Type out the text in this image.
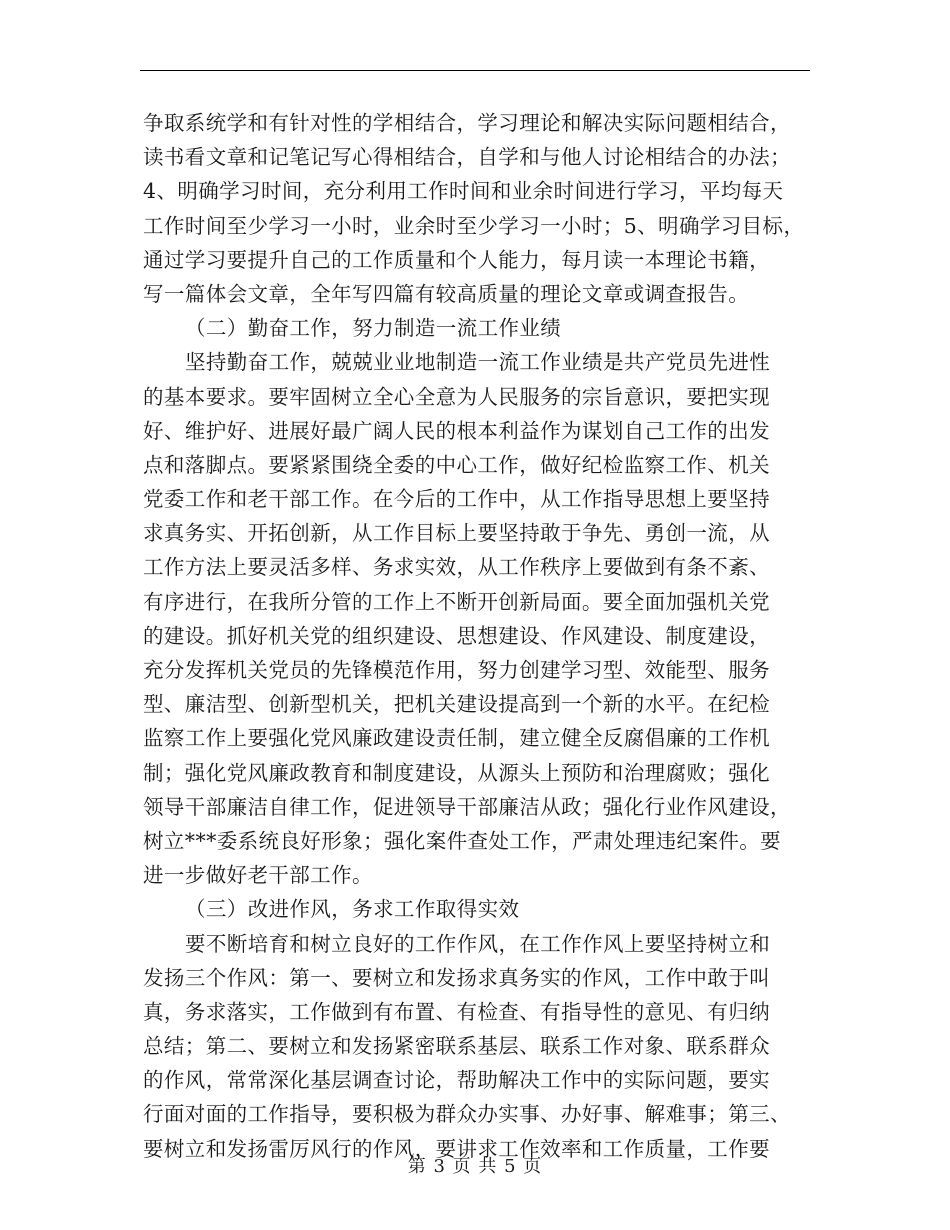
争取系统学和有针对性的学相结合，学习理论和解决实际问题相结合，
读书看文章和记笔记写心得相结合，自学和与他人讨论相结合的办法；
4、明确学习时间，充分利用工作时间和业余时间进行学习，平均每天
工作时间至少学习一小时，业余时至少学习一小时；5、明确学习目标，
通过学习要提升自己的工作质量和个人能力，每月读一本理论书籍，
写一篇体会文章，全年写四篇有较高质量的理论文章或调查报告。
（二）勤奋工作，努力制造一流工作业绩
坚持勤奋工作，兢兢业业地制造一流工作业绩是共产党员先进性
的基本要求。要牢固树立全心全意为人民服务的宗旨意识，要把实现
好、维护好、进展好最广阔人民的根本利益作为谋划自己工作的出发
点和落脚点。要紧紧围绕全委的中心工作，做好纪检监察工作、机关
党委工作和老干部工作。在今后的工作中，从工作指导思想上要坚持
求真务实、开拓创新，从工作目标上要坚持敢于争先、勇创一流，从
工作方法上要灵活多样、务求实效，从工作秩序上要做到有条不紊、
有序进行，在我所分管的工作上不断开创新局面。要全面加强机关党
的建设。抓好机关党的组织建设、思想建设、作风建设、制度建设，
充分发挥机关党员的先锋模范作用，努力创建学习型、效能型、服务
型、廉洁型、创新型机关，把机关建设提高到一个新的水平。在纪检
监察工作上要强化党风廉政建设责任制，建立健全反腐倡廉的工作机
制；强化党风廉政教育和制度建设，从源头上预防和治理腐败；强化
领导干部廉洁自律工作，促进领导干部廉洁从政；强化行业作风建设，
树立***委系统良好形象；强化案件查处工作，严肃处理违纪案件。要
进一步做好老干部工作。
（三）改进作风，务求工作取得实效
要不断培育和树立良好的工作作风，在工作作风上要坚持树立和
发扬三个作风：第一、要树立和发扬求真务实的作风，工作中敢于叫
真，务求落实，工作做到有布置、有检查、有指导性的意见、有归纳
总结；第二、要树立和发扬紧密联系基层、联系工作对象、联系群众
的作风，常常深化基层调查讨论，帮助解决工作中的实际问题，要实
行面对面的工作指导，要积极为群众办实事、办好事、解难事；第三、
要树立和发扬雷厉风行的作风，要讲求工作效率和工作质量，工作要
第 3 页 共 5 页
